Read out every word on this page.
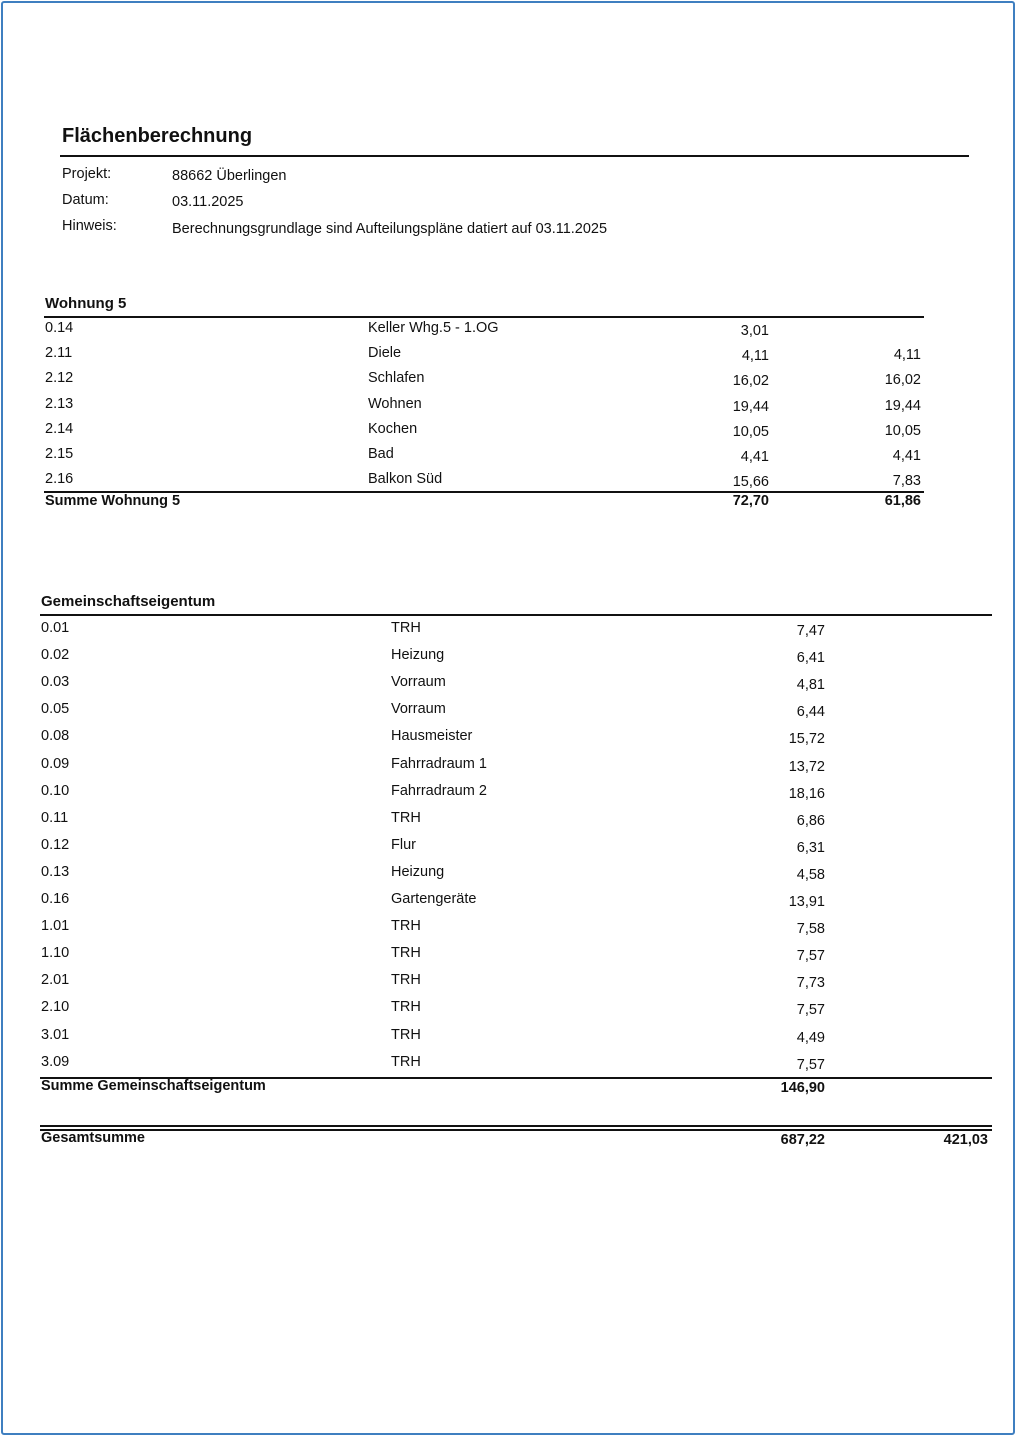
Flächenberechnung
Projekt:	88662 Überlingen
Datum:	03.11.2025
Hinweis:	Berechnungsgrundlage sind Aufteilungspläne datiert auf 03.11.2025
Wohnung 5
0.14	Keller Whg.5 - 1.OG	3,01
2.11	Diele	4,11	4,11
2.12	Schlafen	16,02	16,02
2.13	Wohnen	19,44	19,44
2.14	Kochen	10,05	10,05
2.15	Bad	4,41	4,41
2.16	Balkon Süd	15,66	7,83
Summe Wohnung 5	72,70	61,86
Gemeinschaftseigentum
0.01	TRH	7,47
0.02	Heizung	6,41
0.03	Vorraum	4,81
0.05	Vorraum	6,44
0.08	Hausmeister	15,72
0.09	Fahrradraum 1	13,72
0.10	Fahrradraum 2	18,16
0.11	TRH	6,86
0.12	Flur	6,31
0.13	Heizung	4,58
0.16	Gartengeräte	13,91
1.01	TRH	7,58
1.10	TRH	7,57
2.01	TRH	7,73
2.10	TRH	7,57
3.01	TRH	4,49
3.09	TRH	7,57
Summe Gemeinschaftseigentum	146,90
Gesamtsumme	687,22	421,03
